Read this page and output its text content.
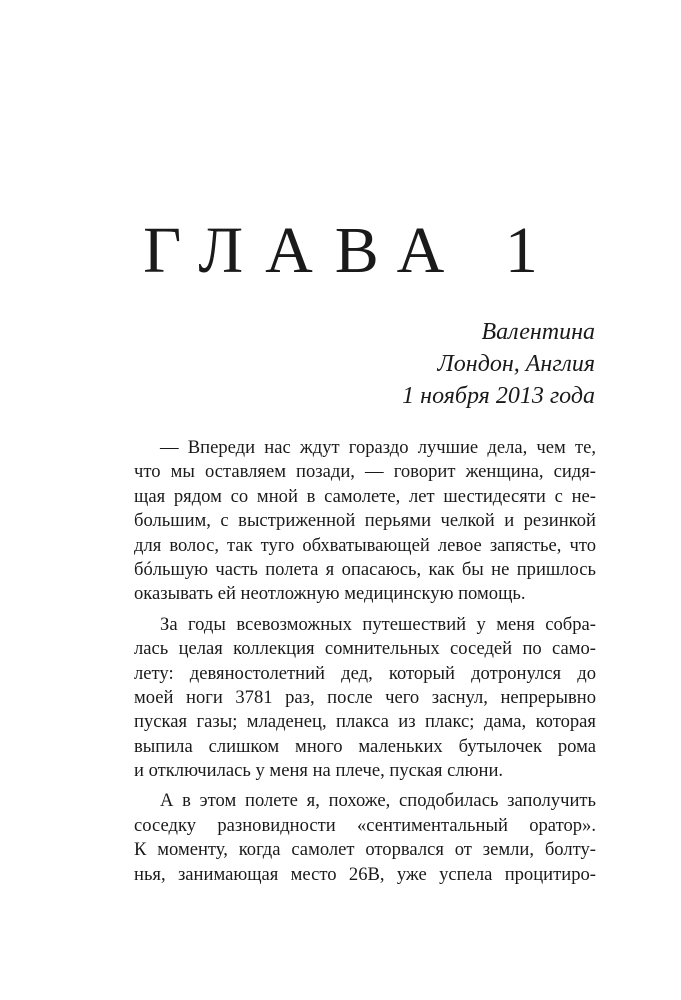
ГЛАВА 1
Валентина
Лондон, Англия
1 ноября 2013 года
— Впереди нас ждут гораздо лучшие дела, чем те,
что мы оставляем позади, — говорит женщина, сидя-
щая рядом со мной в самолете, лет шестидесяти с не-
большим, с выстриженной перьями челкой и резинкой
для волос, так туго обхватывающей левое запястье, что
бóльшую часть полета я опасаюсь, как бы не пришлось
оказывать ей неотложную медицинскую помощь.
За годы всевозможных путешествий у меня собра-
лась целая коллекция сомнительных соседей по само-
лету: девяностолетний дед, который дотронулся до
моей ноги 3781 раз, после чего заснул, непрерывно
пуская газы; младенец, плакса из плакс; дама, которая
выпила слишком много маленьких бутылочек рома
и отключилась у меня на плече, пуская слюни.
А в этом полете я, похоже, сподобилась заполучить
соседку разновидности «сентиментальный оратор».
К моменту, когда самолет оторвался от земли, болту-
нья, занимающая место 26B, уже успела процитиро-
